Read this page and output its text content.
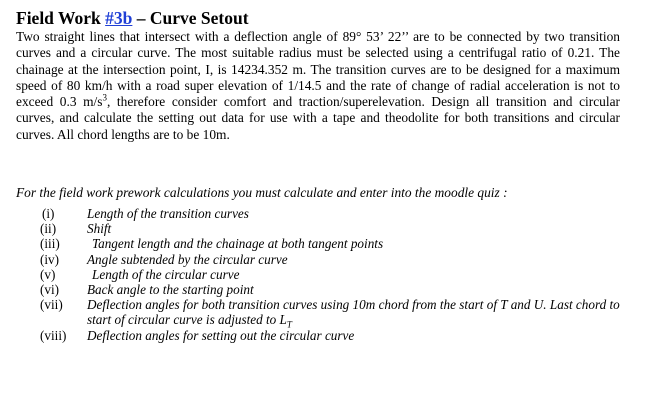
Field Work #3b – Curve Setout

Two straight lines that intersect with a deflection angle of 89° 53’ 22’’ are to be connected by two transition curves and a circular curve. The most suitable radius must be selected using a centrifugal ratio of 0.21. The chainage at the intersection point, I, is 14234.352 m. The transition curves are to be designed for a maximum speed of 80 km/h with a road super elevation of 1/14.5 and the rate of change of radial acceleration is not to exceed 0.3 $m/s^3$, therefore consider comfort and traction/superelevation. Design all transition and circular curves, and calculate the setting out data for use with a tape and theodolite for both transitions and circular curves. All chord lengths are to be 10m.

For the field work prework calculations you must calculate and enter into the moodle quiz :
(i) Length of the transition curves
(ii) Shift
(iii) Tangent length and the chainage at both tangent points
(iv) Angle subtended by the circular curve
(v)	Length of the circular curve
(vi) Back angle to the starting point
(vii) Deflection angles for both transition curves using 10m chord from the start of T and U. Last chord to start of circular curve is adjusted to $L_T$
(viii) Deflection angles for setting out the circular curve
